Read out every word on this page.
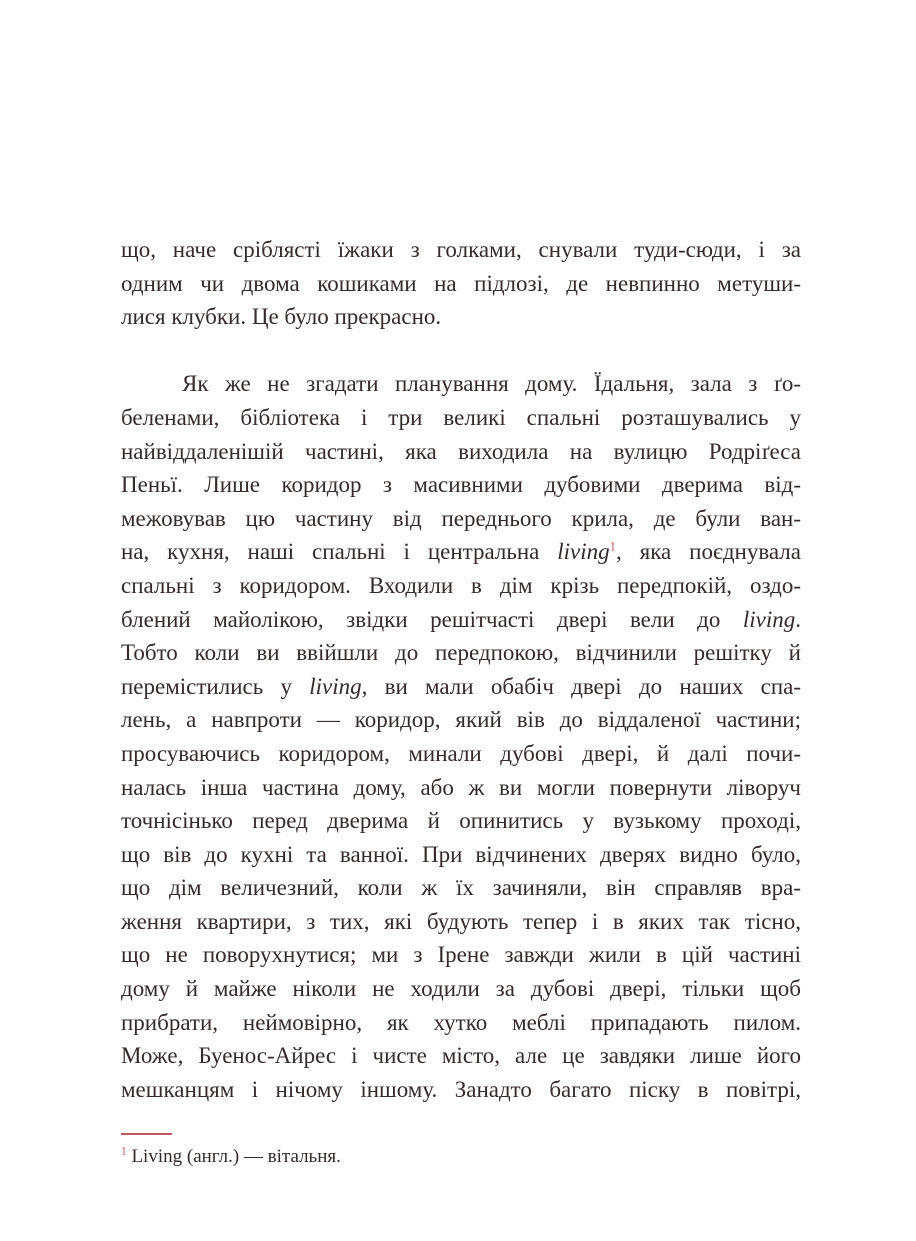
що, наче сріблясті їжаки з голками, снували туди-сюди, і за
одним чи двома кошиками на підлозі, де невпинно метуши-
лися клубки. Це було прекрасно.
Як же не згадати планування дому. Їдальня, зала з ґо-
беленами, бібліотека і три великі спальні розташувались у
найвіддаленішій частині, яка виходила на вулицю Родріґеса
Пеньї. Лише коридор з масивними дубовими дверима від-
межовував цю частину від переднього крила, де були ван-
на, кухня, наші спальні і центральна living$^1$, яка поєднувала
спальні з коридором. Входили в дім крізь передпокій, оздо-
блений майолікою, звідки решітчасті двері вели до living.
Тобто коли ви ввійшли до передпокою, відчинили решітку й
перемістились у living, ви мали обабіч двері до наших спа-
лень, а навпроти — коридор, який вів до віддаленої частини;
просуваючись коридором, минали дубові двері, й далі почи-
налась інша частина дому, або ж ви могли повернути ліворуч
точнісінько перед дверима й опинитись у вузькому проході,
що вів до кухні та ванної. При відчинених дверях видно було,
що дім величезний, коли ж їх зачиняли, він справляв вра-
ження квартири, з тих, які будують тепер і в яких так тісно,
що не поворухнутися; ми з Ірене завжди жили в цій частині
дому й майже ніколи не ходили за дубові двері, тільки щоб
прибрати, неймовірно, як хутко меблі припадають пилом.
Може, Буенос-Айрес і чисте місто, але це завдяки лише його
мешканцям і нічому іншому. Занадто багато піску в повітрі,
$^1$ Living (англ.) — вітальня.
